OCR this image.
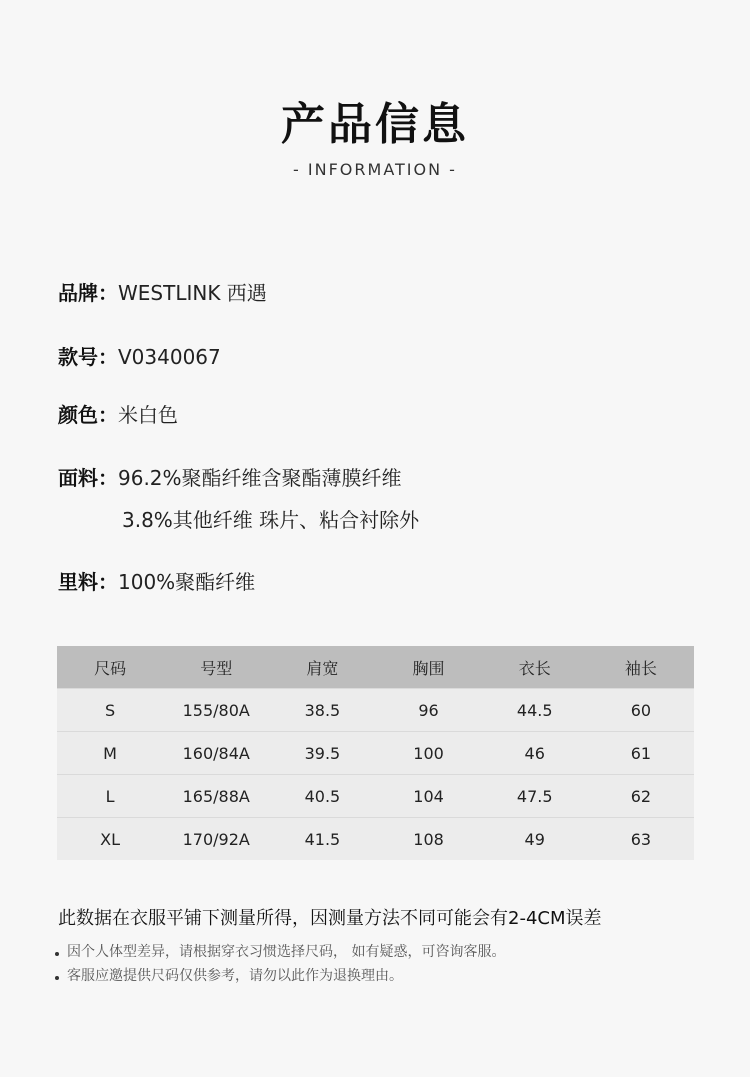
产品信息
- INFORMATION -
品牌：WESTLINK 西遇
款号：V0340067
颜色：米白色
面料：96.2%聚酯纤维含聚酯薄膜纤维
3.8%其他纤维 珠片、粘合衬除外
里料：100%聚酯纤维
尺码	号型	肩宽	胸围	衣长	袖长
S	155/80A	38.5	96	44.5	60
M	160/84A	39.5	100	46	61
L	165/88A	40.5	104	47.5	62
XL	170/92A	41.5	108	49	63
此数据在衣服平铺下测量所得，因测量方法不同可能会有2-4CM误差
因个人体型差异，请根据穿衣习惯选择尺码， 如有疑惑，可咨询客服。
客服应邀提供尺码仅供参考，请勿以此作为退换理由。
